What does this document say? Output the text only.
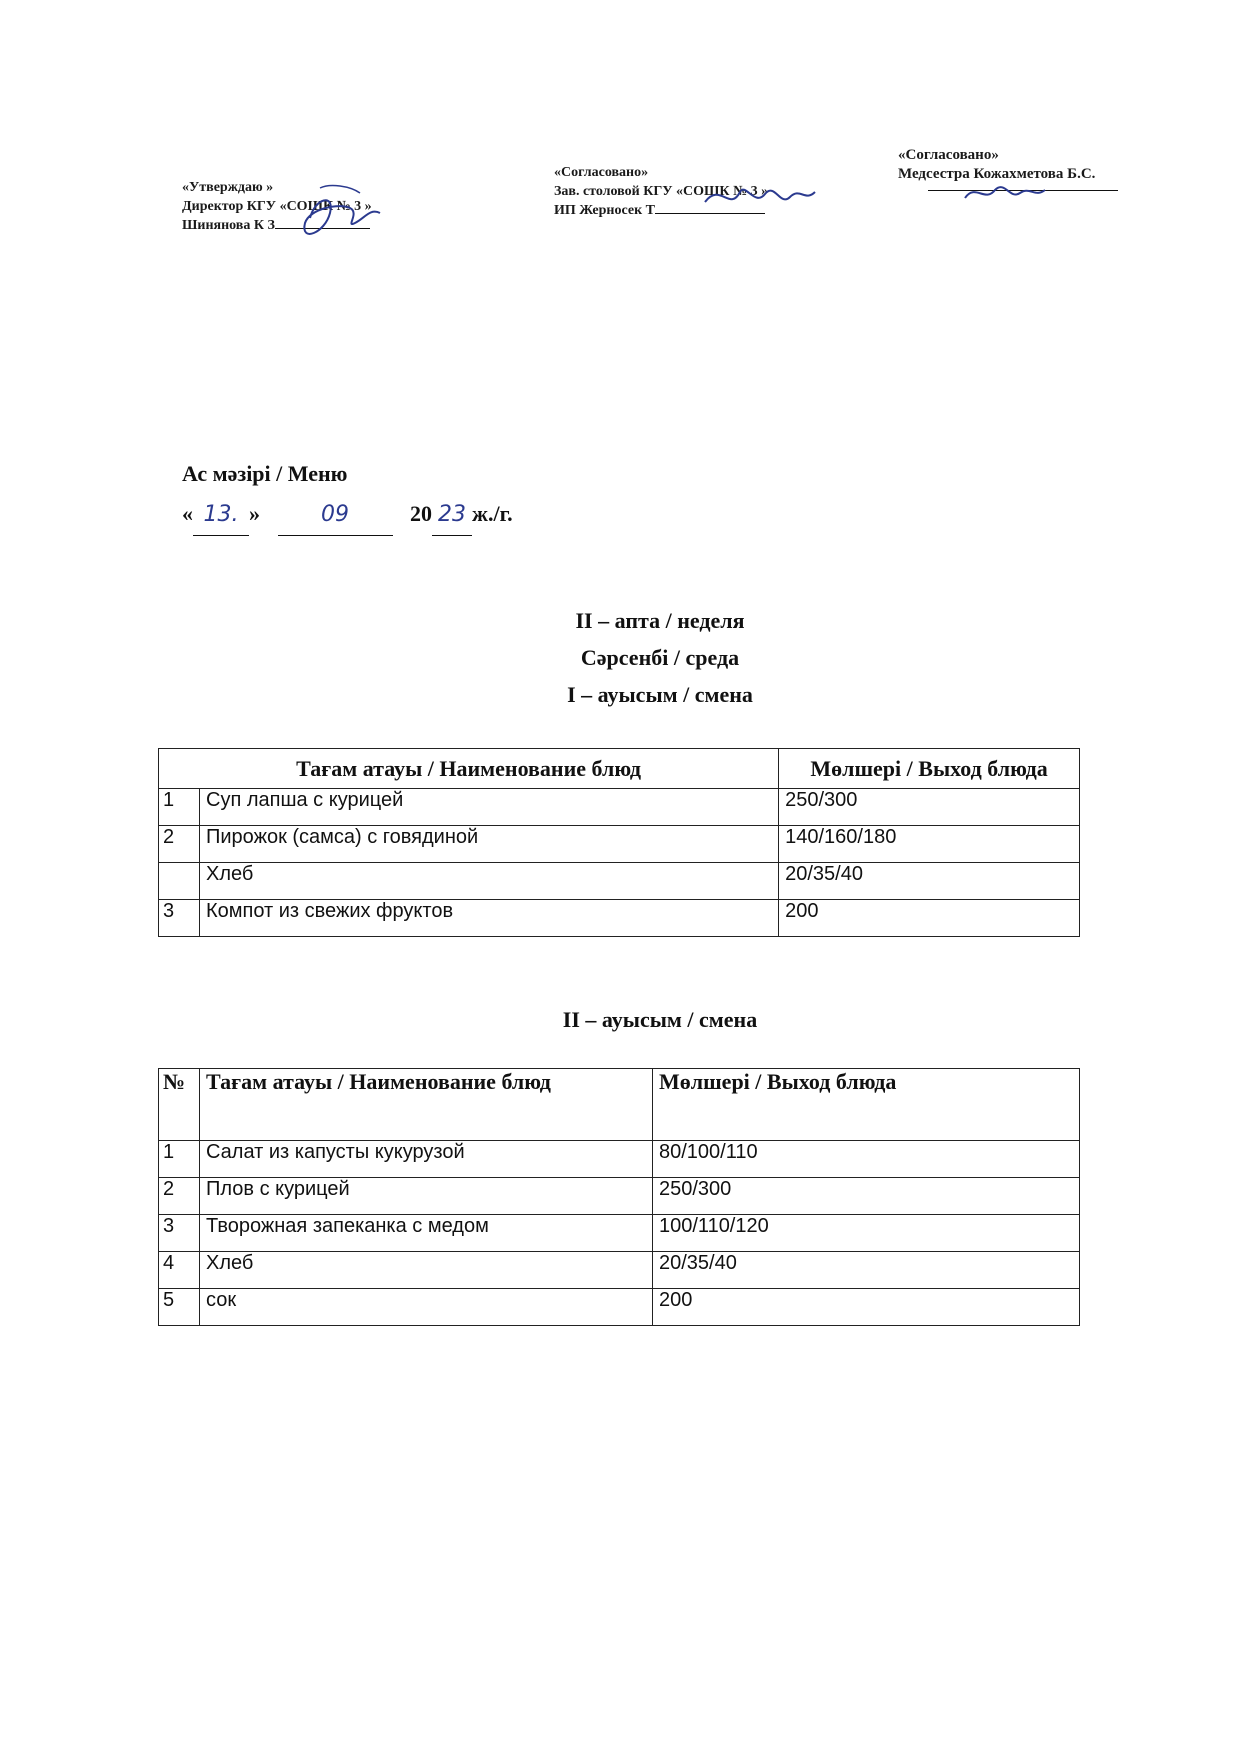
«Утверждаю »
Директор КГУ «СОШК № 3 »
Шинянова К З
«Согласовано»
Зав. столовой КГУ «СОШК № 3 »
ИП Жерносек Т
«Согласовано»
Медсестра Кожахметова Б.С.
Ас мәзірі / Меню
« 13. »	09	20 23 ж./г.
II – апта / неделя
Сәрсенбі / среда
I – ауысым / смена
Тағам атауы / Наименование блюд		Мөлшері / Выход блюда
1	Суп лапша с курицей	250/300
2	Пирожок (самса) с говядиной	140/160/180
	Хлеб	20/35/40
3	Компот из свежих фруктов	200
II – ауысым / смена
№	Тағам атауы / Наименование блюд	Мөлшері / Выход блюда
1	Салат из капусты кукурузой	80/100/110
2	Плов с курицей	250/300
3	Творожная запеканка с медом	100/110/120
4	Хлеб	20/35/40
5	сок	200
